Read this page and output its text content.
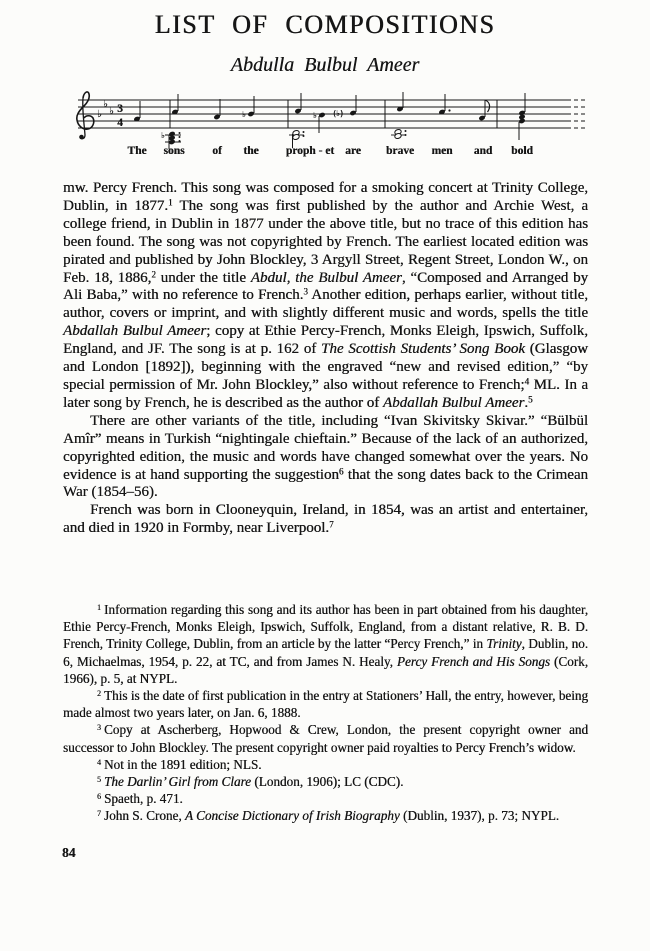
LIST OF COMPOSITIONS
Abdulla Bulbul Ameer
♭
♭
♭ 3
4
♭
♭	♭ (♭)
The sons of the proph - et are brave men and bold

mw. Percy French. This song was composed for a smoking concert at Trinity College, Dublin, in 1877.$^1$ The song was first published by the author and Archie West, a college friend, in Dublin in 1877 under the above title, but no trace of this edition has been found. The song was not copyrighted by French. The earliest located edition was pirated and published by John Blockley, 3 Argyll Street, Regent Street, London W., on Feb. 18, 1886,$^2$ under the title Abdul, the Bulbul Ameer, “Composed and Arranged by Ali Baba,” with no reference to French.$^3$ Another edition, perhaps earlier, without title, author, covers or imprint, and with slightly different music and words, spells the title Abdallah Bulbul Ameer; copy at Ethie Percy-French, Monks Eleigh, Ipswich, Suffolk, England, and JF. The song is at p. 162 of The Scottish Students’ Song Book (Glasgow and London [1892]), beginning with the engraved “new and revised edition,” “by special permission of Mr. John Blockley,” also without reference to French;$^4$ ML. In a later song by French, he is described as the author of Abdallah Bulbul Ameer.$^5$

There are other variants of the title, including “Ivan Skivitsky Skivar.” “Bülbül Amîr” means in Turkish “nightingale chieftain.” Because of the lack of an authorized, copyrighted edition, the music and words have changed somewhat over the years. No evidence is at hand supporting the suggestion$^6$ that the song dates back to the Crimean War (1854–56).

French was born in Clooneyquin, Ireland, in 1854, was an artist and entertainer, and died in 1920 in Formby, near Liverpool.$^7$

$^1$ Information regarding this song and its author has been in part obtained from his daughter, Ethie Percy-French, Monks Eleigh, Ipswich, Suffolk, England, from a distant relative, R. B. D. French, Trinity College, Dublin, from an article by the latter “Percy French,” in Trinity, Dublin, no. 6, Michaelmas, 1954, p. 22, at TC, and from James N. Healy, Percy French and His Songs (Cork, 1966), p. 5, at NYPL.

$^2$ This is the date of first publication in the entry at Stationers’ Hall, the entry, however, being made almost two years later, on Jan. 6, 1888.

$^3$ Copy at Ascherberg, Hopwood & Crew, London, the present copyright owner and successor to John Blockley. The present copyright owner paid royalties to Percy French’s widow.

$^4$ Not in the 1891 edition; NLS.

$^5$ The Darlin’ Girl from Clare (London, 1906); LC (CDC).

$^6$ Spaeth, p. 471.

$^7$ John S. Crone, A Concise Dictionary of Irish Biography (Dublin, 1937), p. 73; NYPL.

84
